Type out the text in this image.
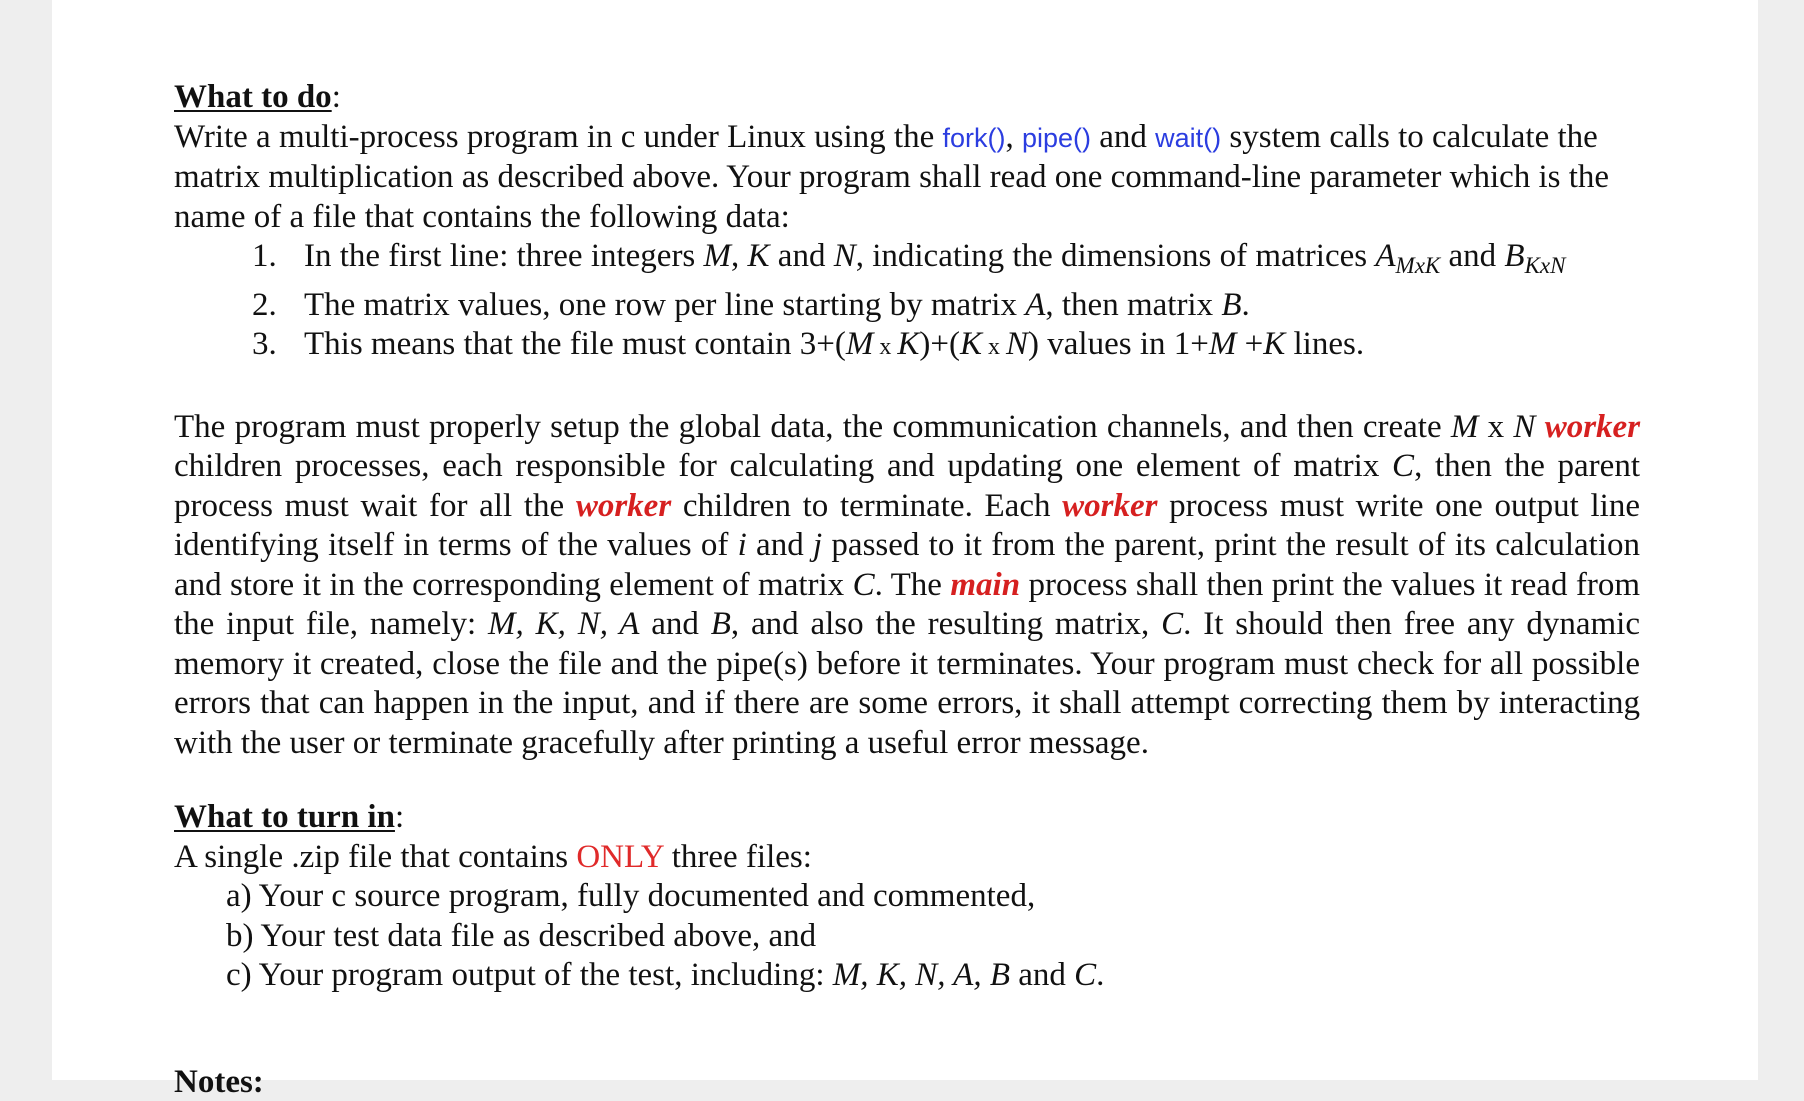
What to do:

Write a multi-process program in c under Linux using the fork(), pipe() and wait() system calls to calculate the matrix multiplication as described above. Your program shall read one command-line parameter which is the name of a file that contains the following data:

1. In the first line: three integers M, K and N, indicating the dimensions of matrices $A_{MxK}$ and $B_{KxN}$
2. The matrix values, one row per line starting by matrix A, then matrix B.
3. This means that the file must contain 3+(M x K)+(K x N) values in 1+M +K lines.

The program must properly setup the global data, the communication channels, and then create M x N worker children processes, each responsible for calculating and updating one element of matrix C, then the parent process must wait for all the worker children to terminate. Each worker process must write one output line identifying itself in terms of the values of i and j passed to it from the parent, print the result of its calculation and store it in the corresponding element of matrix C. The main process shall then print the values it read from the input file, namely: M, K, N, A and B, and also the resulting matrix, C. It should then free any dynamic memory it created, close the file and the pipe(s) before it terminates. Your program must check for all possible errors that can happen in the input, and if there are some errors, it shall attempt correcting them by interacting with the user or terminate gracefully after printing a useful error message.

What to turn in:

A single .zip file that contains ONLY three files:

a) Your c source program, fully documented and commented,
b) Your test data file as described above, and
c) Your program output of the test, including: M, K, N, A, B and C.
Notes:
